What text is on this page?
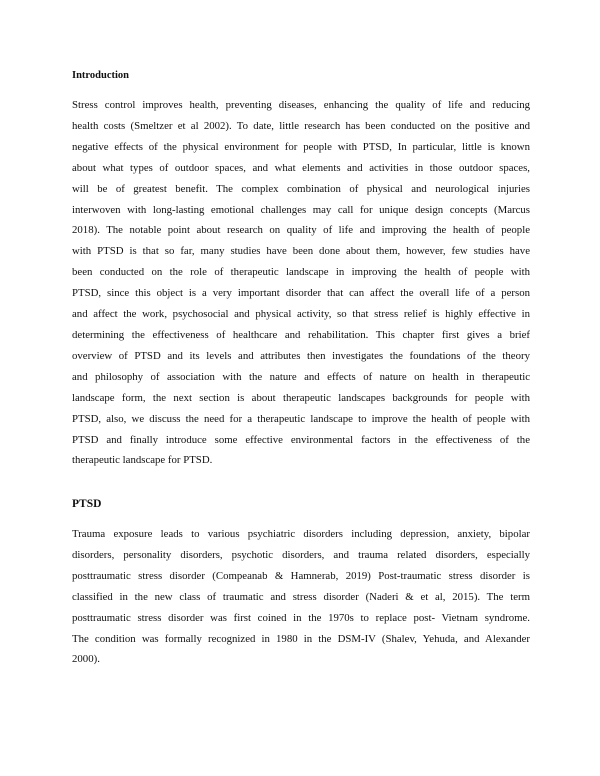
Introduction
Stress control improves health, preventing diseases, enhancing the quality of life and reducing
health costs (Smeltzer et al 2002). To date, little research has been conducted on the positive and
negative effects of the physical environment for people with PTSD, In particular, little is known
about what types of outdoor spaces, and what elements and activities in those outdoor spaces,
will be of greatest benefit. The complex combination of physical and neurological injuries
interwoven with long-lasting emotional challenges may call for unique design concepts (Marcus
2018). The notable point about research on quality of life and improving the health of people
with PTSD is that so far, many studies have been done about them, however, few studies have
been conducted on the role of therapeutic landscape in improving the health of people with
PTSD, since this object is a very important disorder that can affect the overall life of a person
and affect the work, psychosocial and physical activity, so that stress relief is highly effective in
determining the effectiveness of healthcare and rehabilitation. This chapter first gives a brief
overview of PTSD and its levels and attributes then investigates the foundations of the theory
and philosophy of association with the nature and effects of nature on health in therapeutic
landscape form, the next section is about therapeutic landscapes backgrounds for people with
PTSD, also, we discuss the need for a therapeutic landscape to improve the health of people with
PTSD and finally introduce some effective environmental factors in the effectiveness of the
therapeutic landscape for PTSD.
PTSD
Trauma exposure leads to various psychiatric disorders including depression, anxiety, bipolar
disorders, personality disorders, psychotic disorders, and trauma related disorders, especially
posttraumatic stress disorder (Compeanab & Hamnerab, 2019) Post-traumatic stress disorder is
classified in the new class of traumatic and stress disorder (Naderi & et al, 2015). The term
posttraumatic stress disorder was first coined in the 1970s to replace post- Vietnam syndrome.
The condition was formally recognized in 1980 in the DSM-IV (Shalev, Yehuda, and Alexander
2000).
